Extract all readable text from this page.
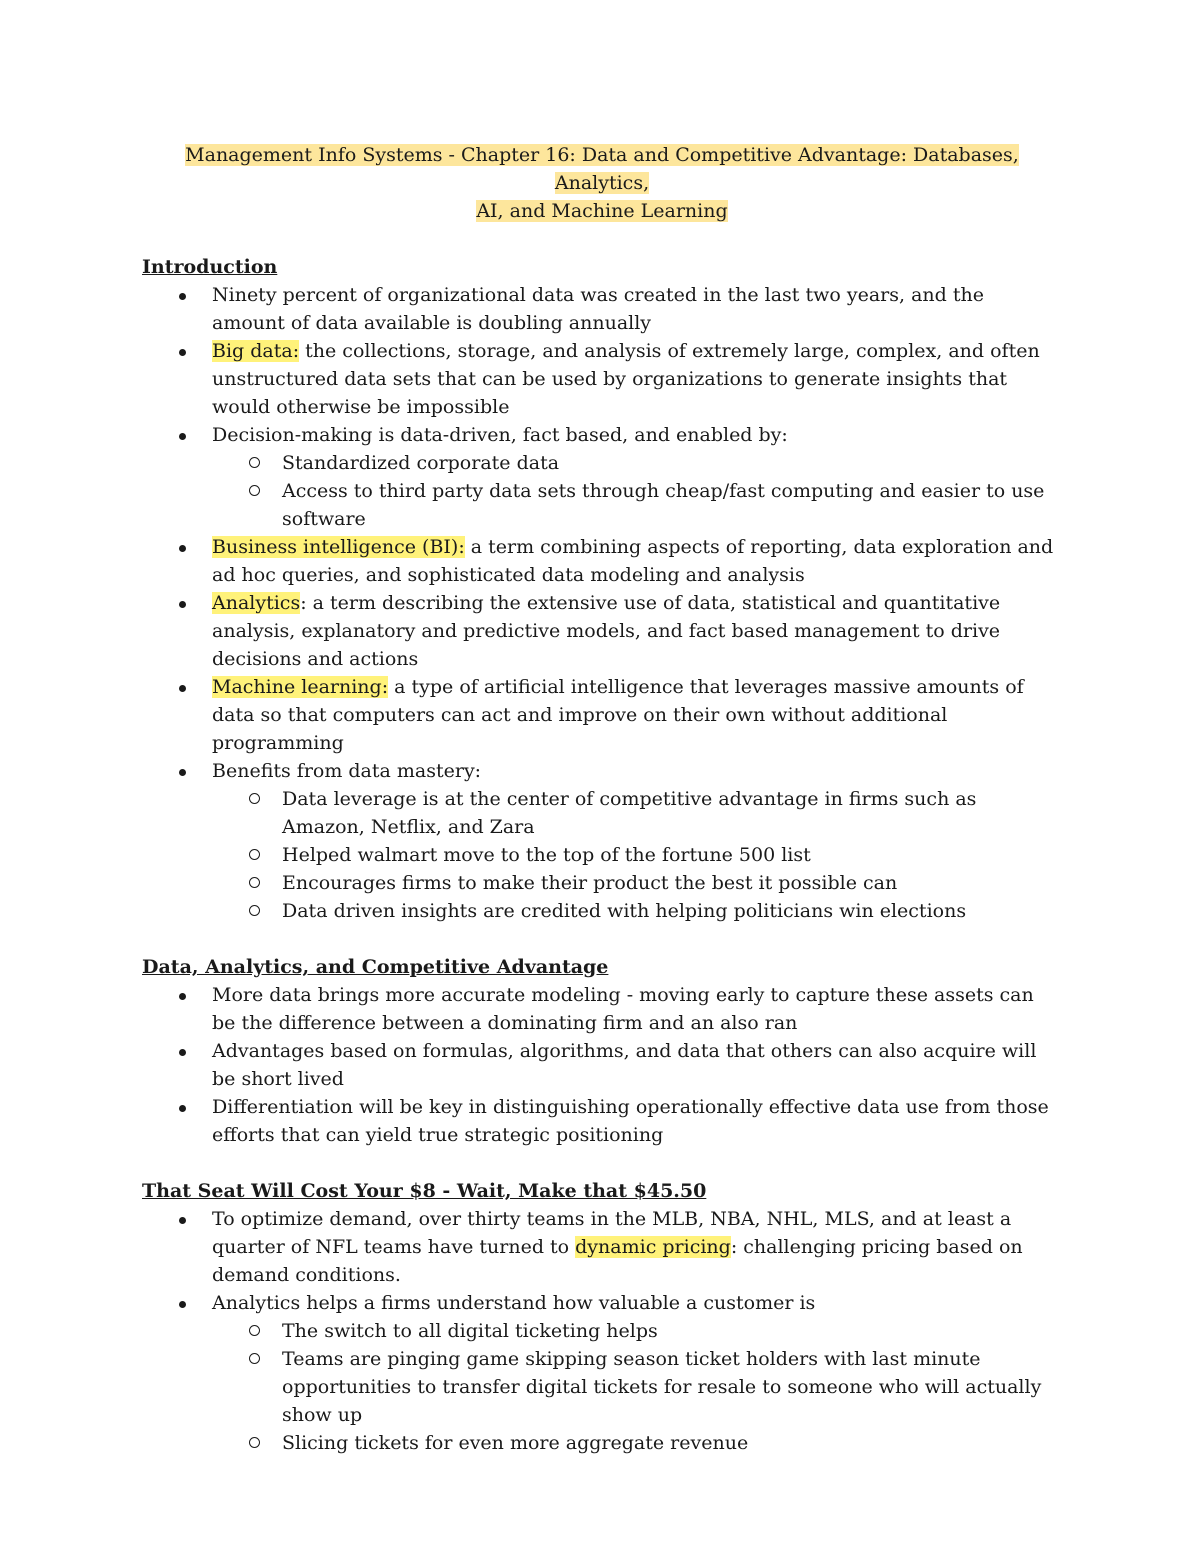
Management Info Systems - Chapter 16: Data and Competitive Advantage: Databases, Analytics,
AI, and Machine Learning

Introduction

Ninety percent of organizational data was created in the last two years, and the amount of data available is doubling annually
Big data: the collections, storage, and analysis of extremely large, complex, and often unstructured data sets that can be used by organizations to generate insights that would otherwise be impossible
Decision-making is data-driven, fact based, and enabled by:
Standardized corporate data
Access to third party data sets through cheap/fast computing and easier to use software
Business intelligence (BI): a term combining aspects of reporting, data exploration and ad hoc queries, and sophisticated data modeling and analysis
Analytics: a term describing the extensive use of data, statistical and quantitative analysis, explanatory and predictive models, and fact based management to drive decisions and actions
Machine learning: a type of artificial intelligence that leverages massive amounts of data so that computers can act and improve on their own without additional programming
Benefits from data mastery:
Data leverage is at the center of competitive advantage in firms such as Amazon, Netflix, and Zara
Helped walmart move to the top of the fortune 500 list
Encourages firms to make their product the best it possible can
Data driven insights are credited with helping politicians win elections

Data, Analytics, and Competitive Advantage

More data brings more accurate modeling - moving early to capture these assets can be the difference between a dominating firm and an also ran
Advantages based on formulas, algorithms, and data that others can also acquire will be short lived
Differentiation will be key in distinguishing operationally effective data use from those efforts that can yield true strategic positioning

That Seat Will Cost Your $8 - Wait, Make that $45.50

To optimize demand, over thirty teams in the MLB, NBA, NHL, MLS, and at least a quarter of NFL teams have turned to dynamic pricing: challenging pricing based on demand conditions.
Analytics helps a firms understand how valuable a customer is
The switch to all digital ticketing helps
Teams are pinging game skipping season ticket holders with last minute opportunities to transfer digital tickets for resale to someone who will actually show up
Slicing tickets for even more aggregate revenue
